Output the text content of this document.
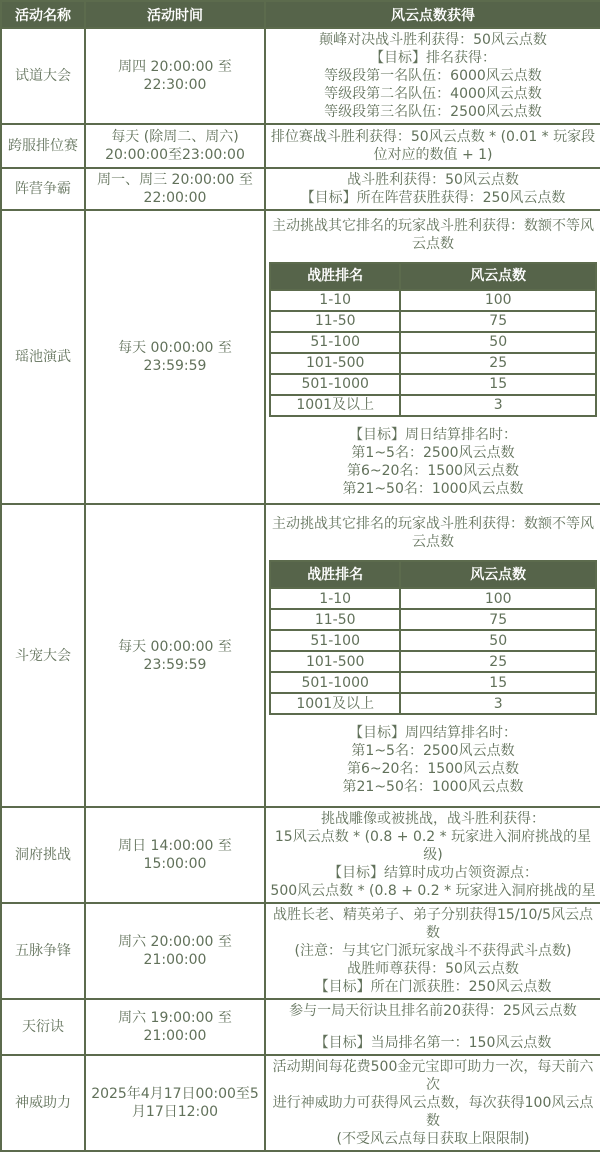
活动名称	活动时间	风云点数获得
试道大会	周四 20:00:00 至 22:30:00	
颠峰对决战斗胜利获得：50风云点数
【目标】排名获得：
等级段第一名队伍：6000风云点数
等级段第二名队伍：4000风云点数
等级段第三名队伍：2500风云点数

跨服排位赛	每天 (除周二、周六) 20:00:00至23:00:00	
排位赛战斗胜利获得：50风云点数 * (0.01 * 玩家段位对应的数值 + 1)

阵营争霸	周一、周三 20:00:00 至 22:00:00	
战斗胜利获得：50风云点数
【目标】所在阵营获胜获得：250风云点数

瑶池演武	每天 00:00:00 至 23:59:59	
主动挑战其它排名的玩家战斗胜利获得：数额不等风云点数
战胜排名	风云点数
1-10	100
11-50	75
51-100	50
101-500	25
501-1000	15
1001及以上	3
【目标】周日结算排名时：
第1~5名：2500风云点数
第6~20名：1500风云点数
第21~50名：1000风云点数

斗宠大会	每天 00:00:00 至 23:59:59	
主动挑战其它排名的玩家战斗胜利获得：数额不等风云点数
战胜排名	风云点数
1-10	100
11-50	75
51-100	50
101-500	25
501-1000	15
1001及以上	3
【目标】周四结算排名时：
第1~5名：2500风云点数
第6~20名：1500风云点数
第21~50名：1000风云点数

洞府挑战	周日 14:00:00 至 15:00:00	
挑战雕像或被挑战，战斗胜利获得：
15风云点数 * (0.8 + 0.2 * 玩家进入洞府挑战的星级)
【目标】结算时成功占领资源点：
500风云点数 * (0.8 + 0.2 * 玩家进入洞府挑战的星

五脉争锋	周六 20:00:00 至 21:00:00	
战胜长老、精英弟子、弟子分别获得15/10/5风云点数
(注意：与其它门派玩家战斗不获得武斗点数)
战胜师尊获得：50风云点数
【目标】所在门派获胜：250风云点数

天衍诀	周六 19:00:00 至 21:00:00	
参与一局天衍诀且排名前20获得：25风云点数
【目标】当局排名第一：150风云点数

神威助力	2025年4月17日00:00至5月17日12:00	
活动期间每花费500金元宝即可助力一次，每天前六次
进行神威助力可获得风云点数，每次获得100风云点数
(不受风云点每日获取上限限制)
